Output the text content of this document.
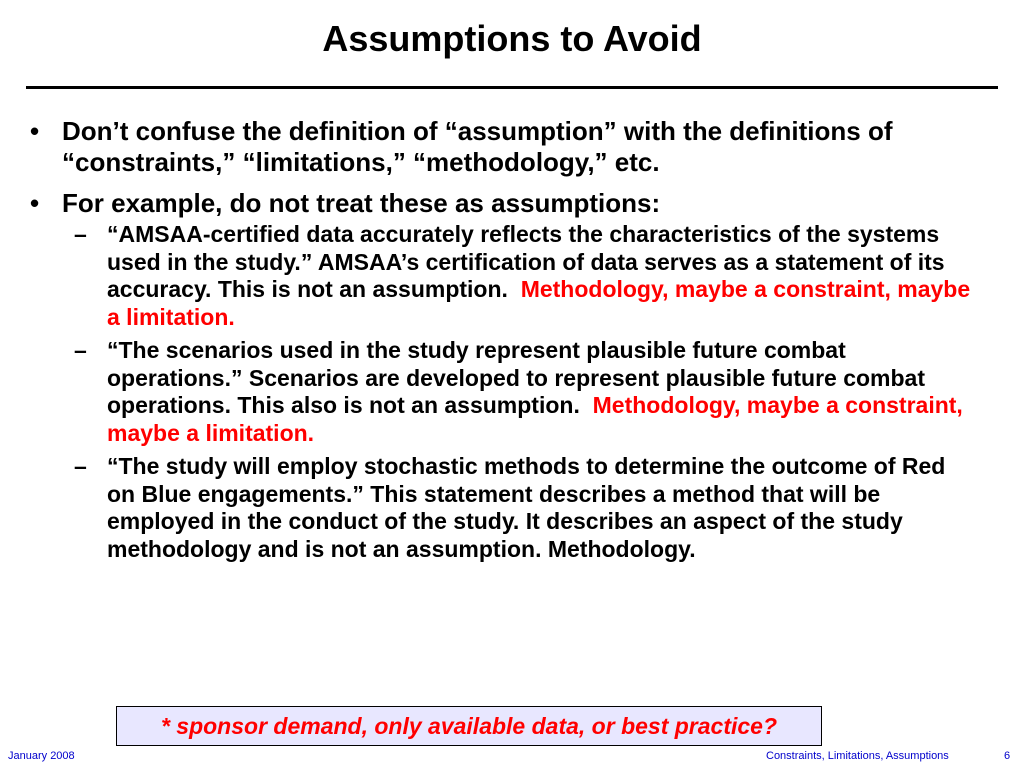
Assumptions to Avoid
• Don’t confuse the definition of “assumption” with the definitions of “constraints,” “limitations,” “methodology,” etc.
• For example, do not treat these as assumptions:
– “AMSAA-certified data accurately reflects the characteristics of the systems used in the study.” AMSAA’s certification of data serves as a statement of its accuracy. This is not an assumption. Methodology, maybe a constraint, maybe a limitation.
– “The scenarios used in the study represent plausible future combat operations.” Scenarios are developed to represent plausible future combat operations. This also is not an assumption. Methodology, maybe a constraint, maybe a limitation.
– “The study will employ stochastic methods to determine the outcome of Red on Blue engagements.” This statement describes a method that will be employed in the conduct of the study. It describes an aspect of the study methodology and is not an assumption. Methodology.
* sponsor demand, only available data, or best practice?
January 2008	Constraints, Limitations, Assumptions	6
